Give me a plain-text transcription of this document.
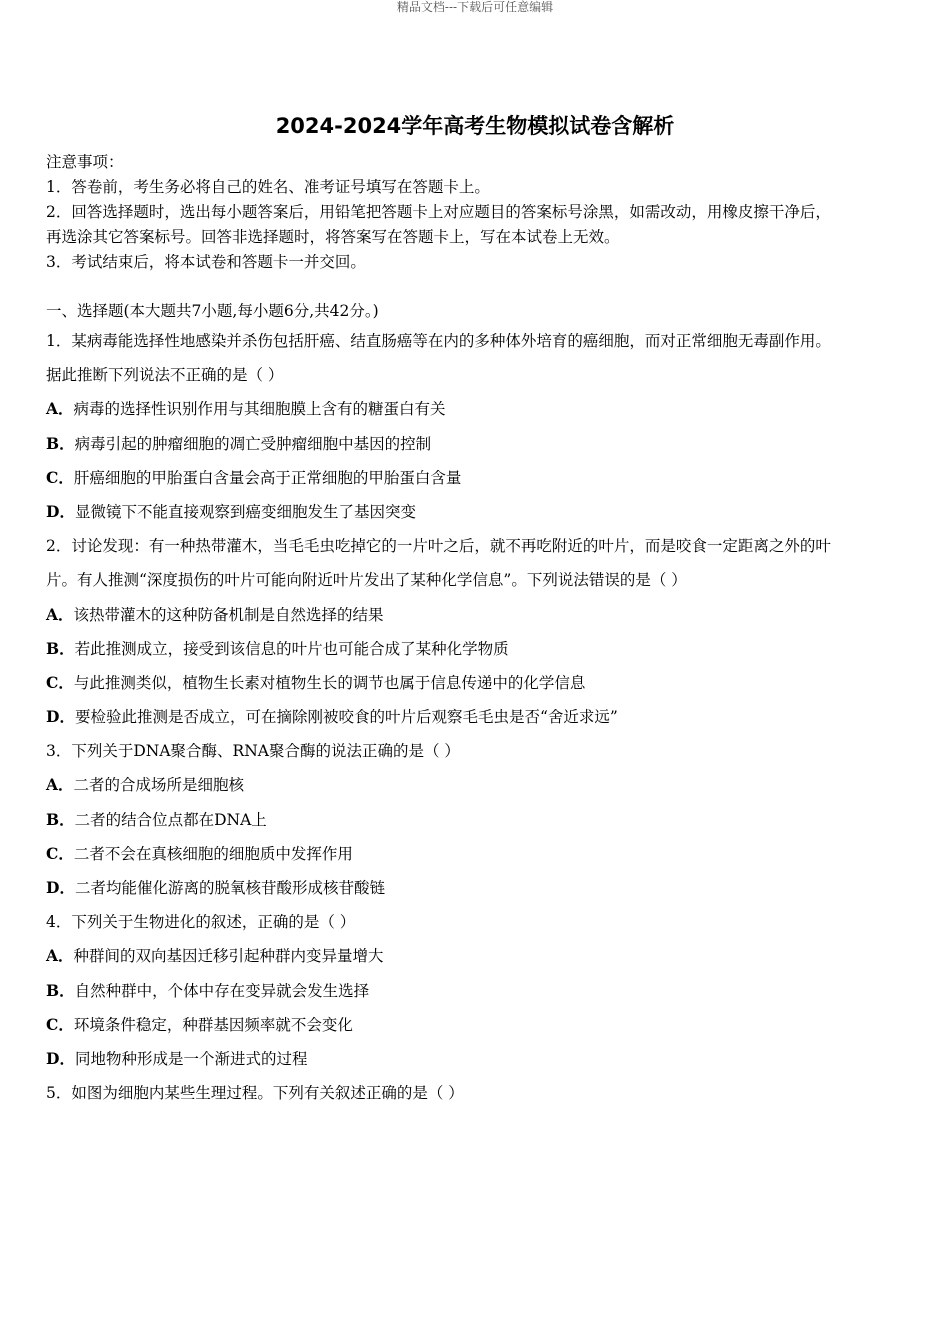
精品文档---下载后可任意编辑
2024-2024学年高考生物模拟试卷含解析
注意事项：
1．答卷前，考生务必将自己的姓名、准考证号填写在答题卡上。
2．回答选择题时，选出每小题答案后，用铅笔把答题卡上对应题目的答案标号涂黑，如需改动，用橡皮擦干净后，
再选涂其它答案标号。回答非选择题时，将答案写在答题卡上，写在本试卷上无效。
3．考试结束后，将本试卷和答题卡一并交回。
一、选择题(本大题共7小题,每小题6分,共42分。)
1．某病毒能选择性地感染并杀伤包括肝癌、结直肠癌等在内的多种体外培育的癌细胞，而对正常细胞无毒副作用。
据此推断下列说法不正确的是（ ）
A．病毒的选择性识别作用与其细胞膜上含有的糖蛋白有关
B．病毒引起的肿瘤细胞的凋亡受肿瘤细胞中基因的控制
C．肝癌细胞的甲胎蛋白含量会高于正常细胞的甲胎蛋白含量
D．显微镜下不能直接观察到癌变细胞发生了基因突变
2．讨论发现：有一种热带灌木，当毛毛虫吃掉它的一片叶之后，就不再吃附近的叶片，而是咬食一定距离之外的叶
片。有人推测“深度损伤的叶片可能向附近叶片发出了某种化学信息”。下列说法错误的是（ ）
A．该热带灌木的这种防备机制是自然选择的结果
B．若此推测成立，接受到该信息的叶片也可能合成了某种化学物质
C．与此推测类似，植物生长素对植物生长的调节也属于信息传递中的化学信息
D．要检验此推测是否成立，可在摘除刚被咬食的叶片后观察毛毛虫是否“舍近求远”
3．下列关于DNA聚合酶、RNA聚合酶的说法正确的是（ ）
A．二者的合成场所是细胞核
B．二者的结合位点都在DNA上
C．二者不会在真核细胞的细胞质中发挥作用
D．二者均能催化游离的脱氧核苷酸形成核苷酸链
4．下列关于生物进化的叙述，正确的是（ ）
A．种群间的双向基因迁移引起种群内变异量增大
B．自然种群中，个体中存在变异就会发生选择
C．环境条件稳定，种群基因频率就不会变化
D．同地物种形成是一个渐进式的过程
5．如图为细胞内某些生理过程。下列有关叙述正确的是（ ）
